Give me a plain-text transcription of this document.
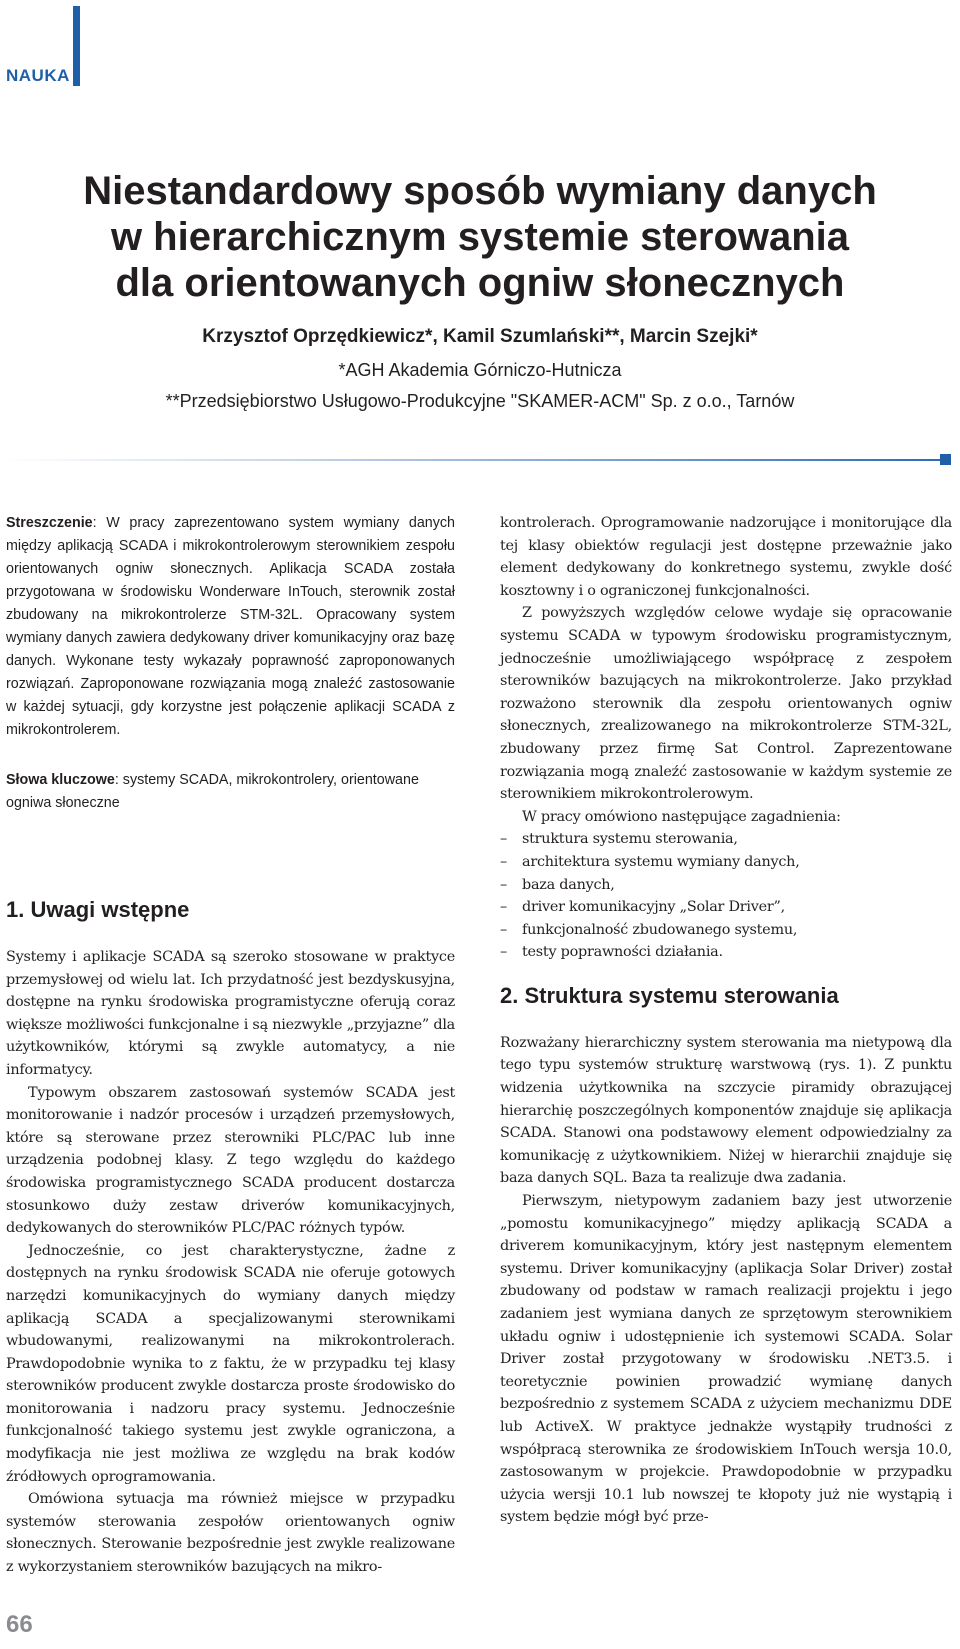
NAUKA
Niestandardowy sposób wymiany danych
w hierarchicznym systemie sterowania
dla orientowanych ogniw słonecznych
Krzysztof Oprzędkiewicz*, Kamil Szumlański**, Marcin Szejki*
*AGH Akademia Górniczo-Hutnicza
**Przedsiębiorstwo Usługowo-Produkcyjne "SKAMER-ACM" Sp. z o.o., Tarnów

Streszczenie: W pracy zaprezentowano system wymiany danych między aplikacją SCADA i mikrokontrolerowym sterownikiem zespołu orientowanych ogniw słonecznych. Aplikacja SCADA została przygotowana w środowisku Wonderware InTouch, sterownik został zbudowany na mikrokontrolerze STM-32L. Opracowany system wymiany danych zawiera dedykowany driver komunikacyjny oraz bazę danych. Wykonane testy wykazały poprawność zaproponowanych rozwiązań. Zaproponowane rozwiązania mogą znaleźć zastosowanie w każdej sytuacji, gdy korzystne jest połączenie aplikacji SCADA z mikrokontrolerem.

Słowa kluczowe: systemy SCADA, mikrokontrolery, orientowane ogniwa słoneczne

1. Uwagi wstępne

Systemy i aplikacje SCADA są szeroko stosowane w praktyce przemysłowej od wielu lat. Ich przydatność jest bezdyskusyjna, dostępne na rynku środowiska programistyczne oferują coraz większe możliwości funkcjonalne i są niezwykle „przyjazne” dla użytkowników, którymi są zwykle automatycy, a nie informatycy.

Typowym obszarem zastosowań systemów SCADA jest monitorowanie i nadzór procesów i urządzeń przemysłowych, które są sterowane przez sterowniki PLC/PAC lub inne urządzenia podobnej klasy. Z tego względu do każdego środowiska programistycznego SCADA producent dostarcza stosunkowo duży zestaw driverów komunikacyjnych, dedykowanych do sterowników PLC/PAC różnych typów.

Jednocześnie, co jest charakterystyczne, żadne z dostępnych na rynku środowisk SCADA nie oferuje gotowych narzędzi komunikacyjnych do wymiany danych między aplikacją SCADA a specjalizowanymi sterownikami wbudowanymi, realizowanymi na mikrokontrolerach. Prawdopodobnie wynika to z faktu, że w przypadku tej klasy sterowników producent zwykle dostarcza proste środowisko do monitorowania i nadzoru pracy systemu. Jednocześnie funkcjonalność takiego systemu jest zwykle ograniczona, a modyfikacja nie jest możliwa ze względu na brak kodów źródłowych oprogramowania.

Omówiona sytuacja ma również miejsce w przypadku systemów sterowania zespołów orientowanych ogniw słonecznych. Sterowanie bezpośrednie jest zwykle realizowane z wykorzystaniem sterowników bazujących na mikro-

kontrolerach. Oprogramowanie nadzorujące i monitorujące dla tej klasy obiektów regulacji jest dostępne przeważnie jako element dedykowany do konkretnego systemu, zwykle dość kosztowny i o ograniczonej funkcjonalności.

Z powyższych względów celowe wydaje się opracowanie systemu SCADA w typowym środowisku programistycznym, jednocześnie umożliwiającego współpracę z zespołem sterowników bazujących na mikrokontrolerze. Jako przykład rozważono sterownik dla zespołu orientowanych ogniw słonecznych, zrealizowanego na mikrokontrolerze STM-32L, zbudowany przez firmę Sat Control. Zaprezentowane rozwiązania mogą znaleźć zastosowanie w każdym systemie ze sterownikiem mikrokontrolerowym.

W pracy omówiono następujące zagadnienia:

– struktura systemu sterowania,
– architektura systemu wymiany danych,
– baza danych,
– driver komunikacyjny „Solar Driver”,
– funkcjonalność zbudowanego systemu,
– testy poprawności działania.
2. Struktura systemu sterowania

Rozważany hierarchiczny system sterowania ma nietypową dla tego typu systemów strukturę warstwową (rys. 1). Z punktu widzenia użytkownika na szczycie piramidy obrazującej hierarchię poszczególnych komponentów znajduje się aplikacja SCADA. Stanowi ona podstawowy element odpowiedzialny za komunikację z użytkownikiem. Niżej w hierarchii znajduje się baza danych SQL. Baza ta realizuje dwa zadania.

Pierwszym, nietypowym zadaniem bazy jest utworzenie „pomostu komunikacyjnego” między aplikacją SCADA a driverem komunikacyjnym, który jest następnym elementem systemu. Driver komunikacyjny (aplikacja Solar Driver) został zbudowany od podstaw w ramach realizacji projektu i jego zadaniem jest wymiana danych ze sprzętowym sterownikiem układu ogniw i udostępnienie ich systemowi SCADA. Solar Driver został przygotowany w środowisku .NET3.5. i teoretycznie powinien prowadzić wymianę danych bezpośrednio z systemem SCADA z użyciem mechanizmu DDE lub ActiveX. W praktyce jednakże wystąpiły trudności z współpracą sterownika ze środowiskiem InTouch wersja 10.0, zastosowanym w projekcie. Prawdopodobnie w przypadku użycia wersji 10.1 lub nowszej te kłopoty już nie wystąpią i system będzie mógł być prze-

66
